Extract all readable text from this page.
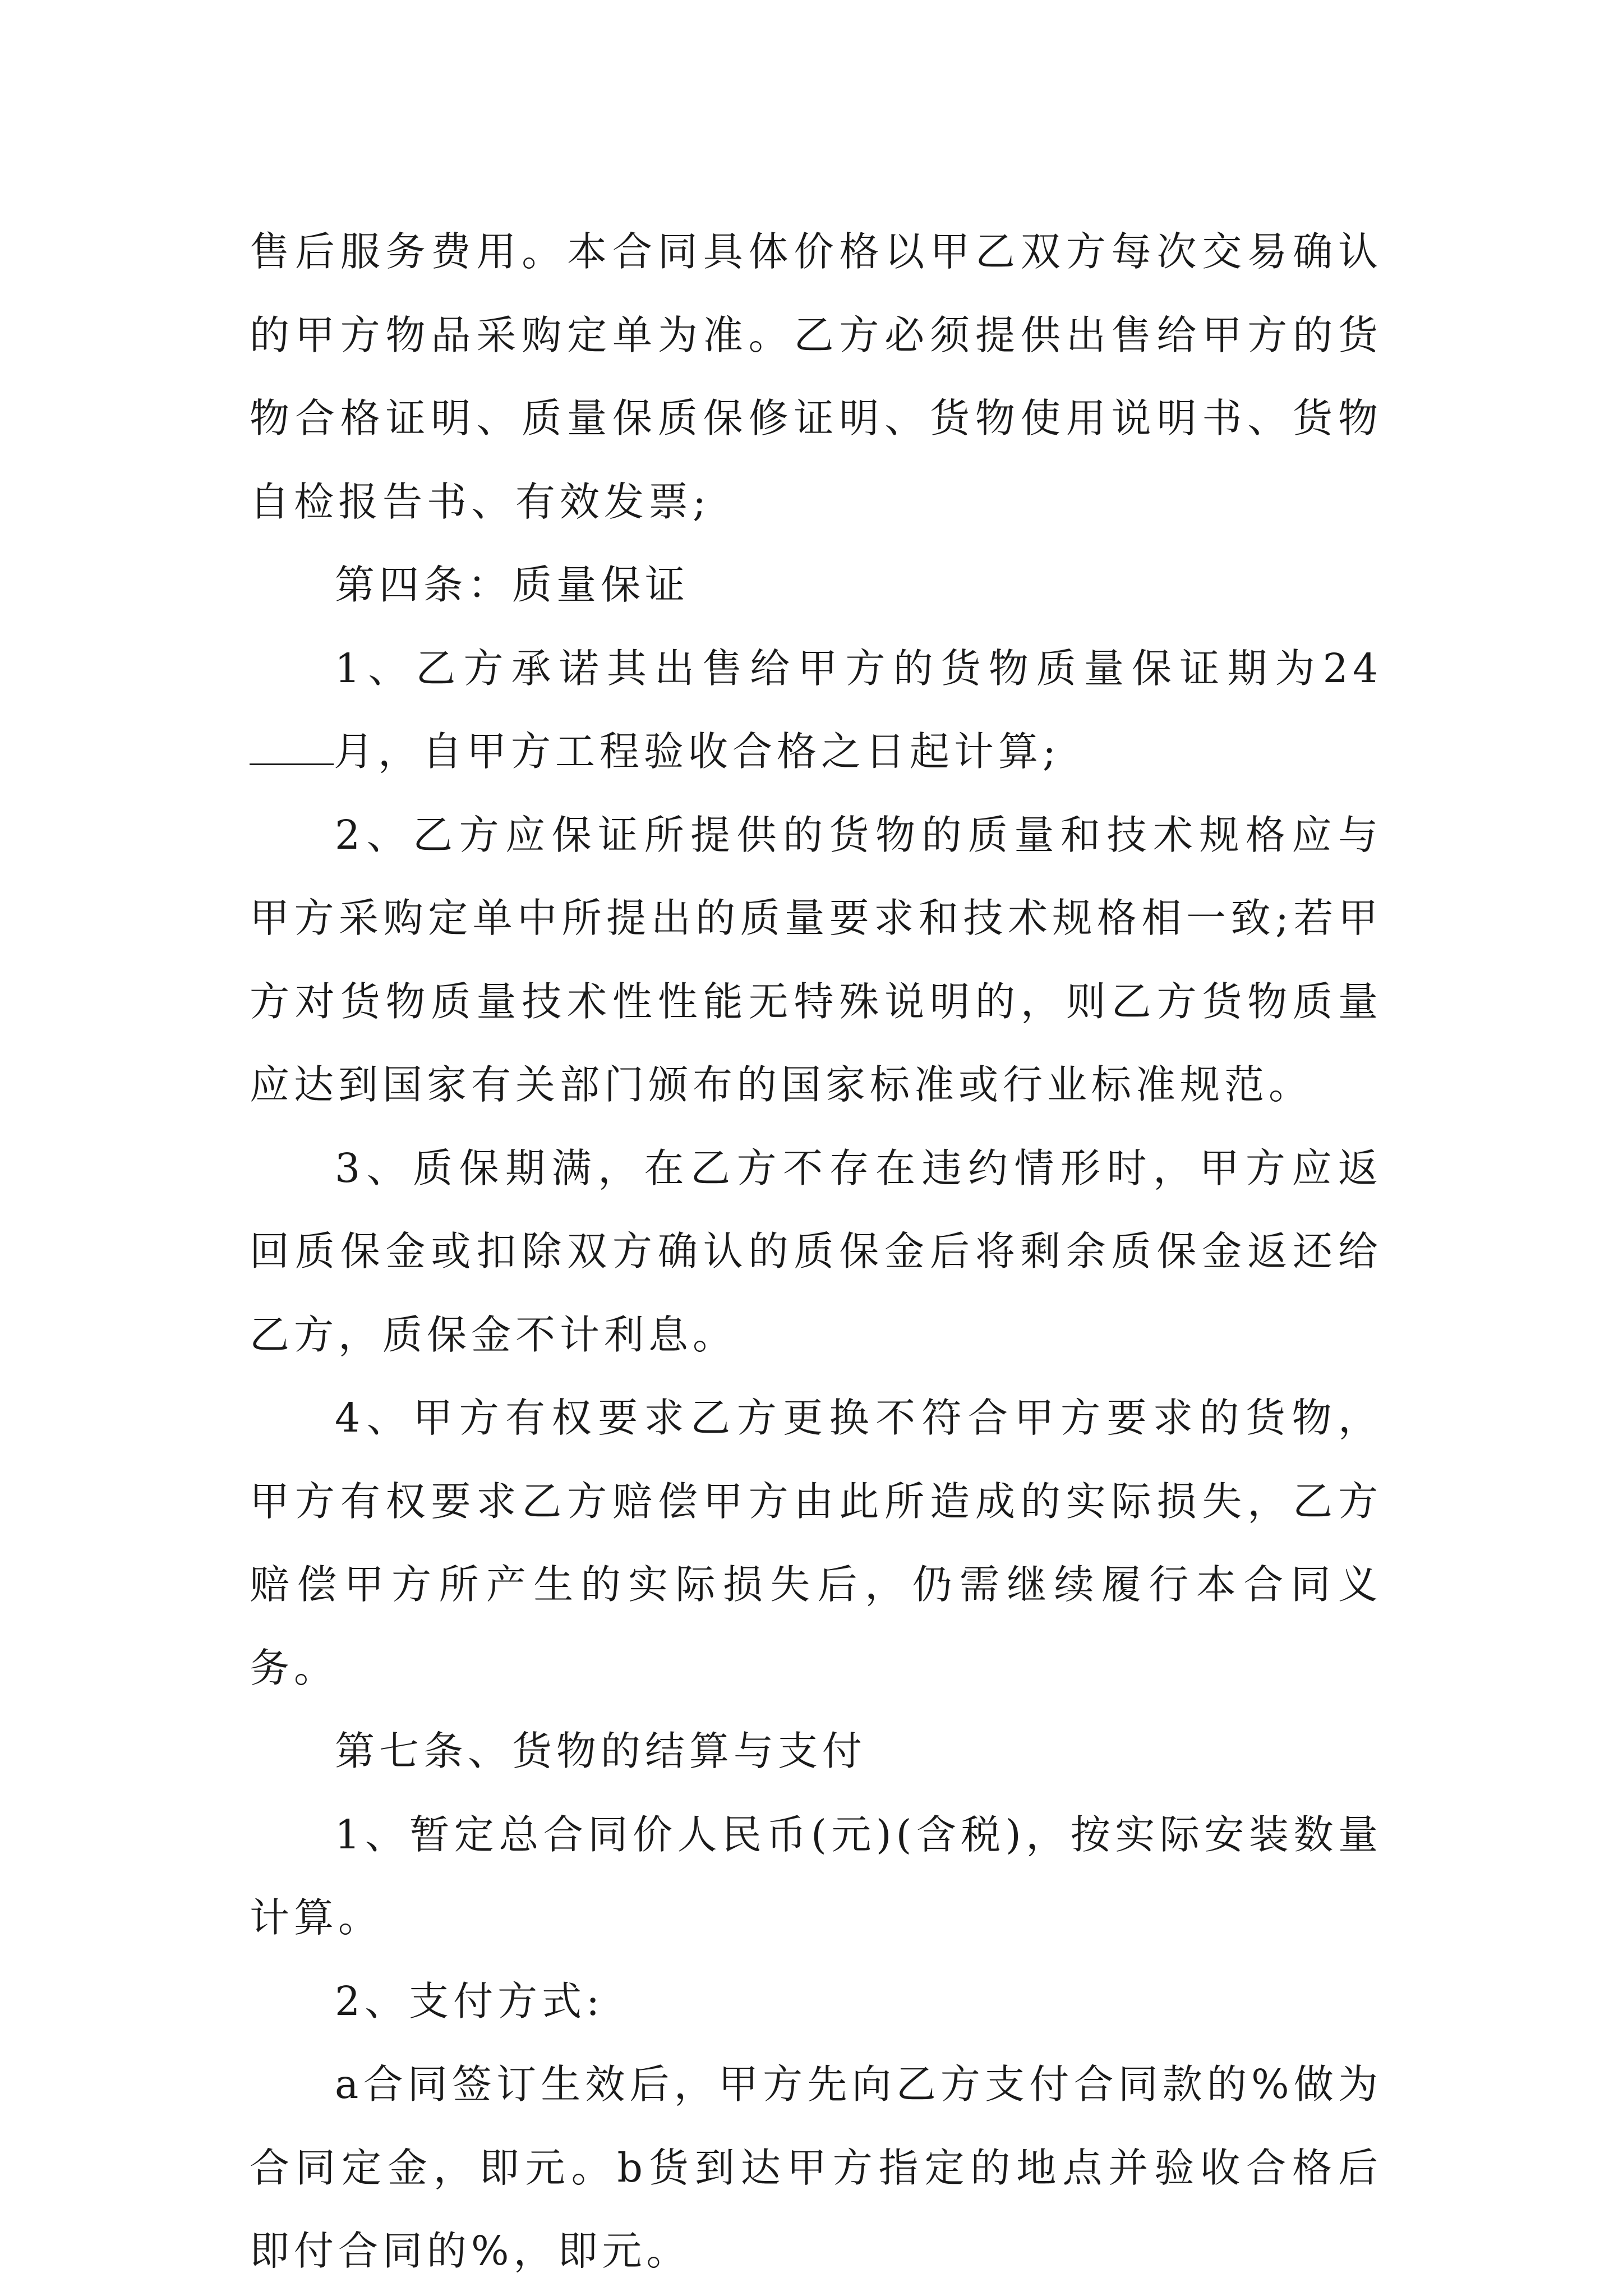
售后服务费用。本合同具体价格以甲乙双方每次交易确认的甲方物品采购定单为准。乙方必须提供出售给甲方的货物合格证明、质量保质保修证明、货物使用说明书、货物自检报告书、有效发票;

第四条：质量保证

1、乙方承诺其出售给甲方的货物质量保证期为24月，自甲方工程验收合格之日起计算;

2、乙方应保证所提供的货物的质量和技术规格应与甲方采购定单中所提出的质量要求和技术规格相一致;若甲方对货物质量技术性性能无特殊说明的，则乙方货物质量应达到国家有关部门颁布的国家标准或行业标准规范。

3、质保期满，在乙方不存在违约情形时，甲方应返回质保金或扣除双方确认的质保金后将剩余质保金返还给乙方，质保金不计利息。

4、甲方有权要求乙方更换不符合甲方要求的货物，甲方有权要求乙方赔偿甲方由此所造成的实际损失，乙方赔偿甲方所产生的实际损失后，仍需继续履行本合同义务。

第七条、货物的结算与支付

1、暂定总合同价人民币(元)(含税)，按实际安装数量计算。

2、支付方式:

a合同签订生效后，甲方先向乙方支付合同款的%做为合同定金，即元。b货到达甲方指定的地点并验收合格后即付合同的%，即元。
